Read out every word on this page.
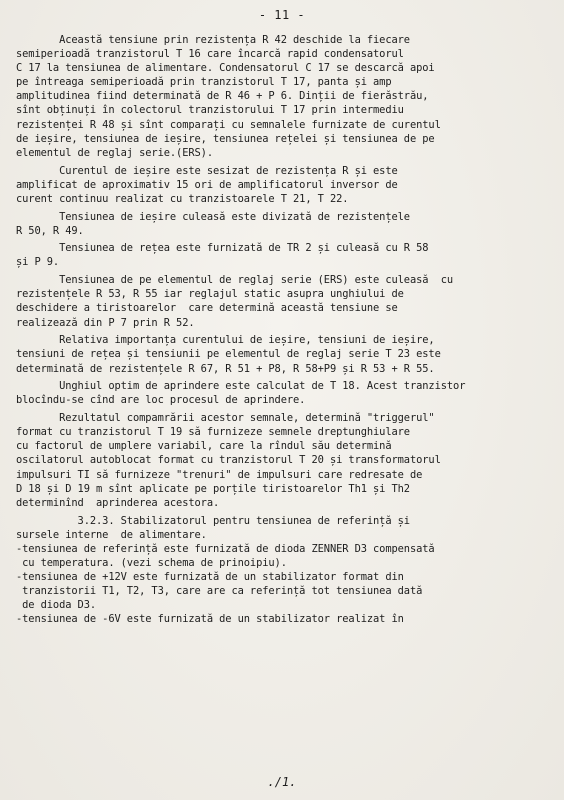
- 11 -
Această tensiune prin rezistența R 42 deschide la fiecare
semiperioadă tranzistorul T 16 care încarcă rapid condensatorul
C 17 la tensiunea de alimentare. Condensatorul C 17 se descarcă apoi
pe întreaga semiperioadă prin tranzistorul T 17, panta și amp
amplitudinea fiind determinată de R 46 + P 6. Dinții de fierăstrău,
sînt obținuți în colectorul tranzistorului T 17 prin intermediu
rezistenței R 48 și sînt comparați cu semnalele furnizate de curentul
de ieșire, tensiunea de ieșire, tensiunea rețelei și tensiunea de pe
elementul de reglaj serie.(ERS).
Curentul de ieșire este sesizat de rezistența R și este
amplificat de aproximativ 15 ori de amplificatorul inversor de
curent continuu realizat cu tranzistoarele T 21, T 22.
Tensiunea de ieșire culeasă este divizată de rezistențele
R 50, R 49.
Tensiunea de rețea este furnizată de TR 2 și culeasă cu R 58
și P 9.
Tensiunea de pe elementul de reglaj serie (ERS) este culeasă  cu
rezistențele R 53, R 55 iar reglajul static asupra unghiului de
deschidere a tiristoarelor  care determină această tensiune se
realizează din P 7 prin R 52.
Relativa importanța curentului de ieșire, tensiuni de ieșire,
tensiuni de rețea și tensiunii pe elementul de reglaj serie T 23 este
determinată de rezistențele R 67, R 51 + P8, R 58+P9 și R 53 + R 55.
Unghiul optim de aprindere este calculat de T 18. Acest tranzistor
blocîndu-se cînd are loc procesul de aprindere.
Rezultatul compamrării acestor semnale, determină "triggerul"
format cu tranzistorul T 19 să furnizeze semnele dreptunghiulare
cu factorul de umplere variabil, care la rîndul său determină
oscilatorul autoblocat format cu tranzistorul T 20 și transformatorul
impulsuri TI să furnizeze "trenuri" de impulsuri care redresate de
D 18 și D 19 m sînt aplicate pe porțile tiristoarelor Th1 și Th2
determinînd  aprinderea acestora.
3.2.3. Stabilizatorul pentru tensiunea de referință și
sursele interne  de alimentare.
-tensiunea de referință este furnizată de dioda ZENNER D3 compensată
cu temperatura. (vezi schema de prinoipiu).
-tensiunea de +12V este furnizată de un stabilizator format din
tranzistorii T1, T2, T3, care are ca referință tot tensiunea dată
de dioda D3.
-tensiunea de -6V este furnizată de un stabilizator realizat în
./1.
